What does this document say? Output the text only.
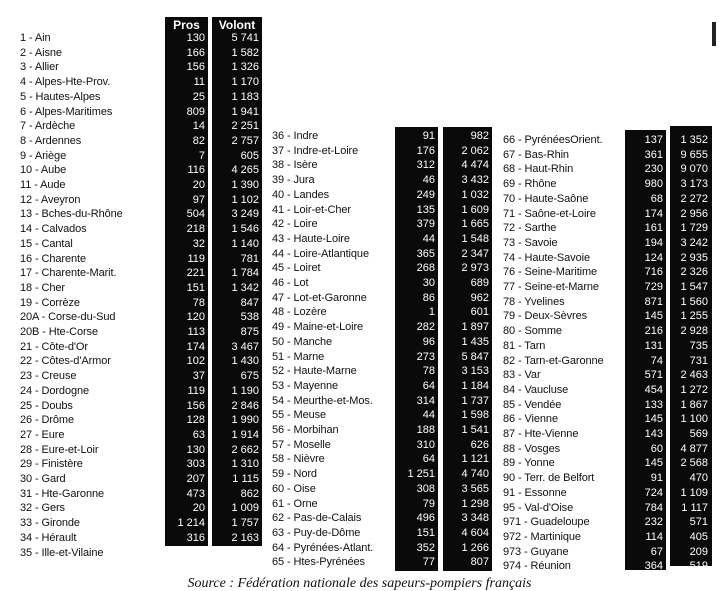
Pros	Volont
1 - Ain	130	5 741
2 - Aisne	166	1 582
3 - Allier	156	1 326
4 - Alpes-Hte-Prov.	11	1 170
5 - Hautes-Alpes	25	1 183
6 - Alpes-Maritimes	809	1 941
7 - Ardèche	14	2 251
8 - Ardennes	82	2 757
9 - Ariège	7	605
10 - Aube	116	4 265
11 - Aude	20	1 390
12 - Aveyron	97	1 102
13 - Bches-du-Rhône	504	3 249
14 - Calvados	218	1 546
15 - Cantal	32	1 140
16 - Charente	119	781
17 - Charente-Marit.	221	1 784
18 - Cher	151	1 342
19 - Corrèze	78	847
20A - Corse-du-Sud	120	538
20B - Hte-Corse	113	875
21 - Côte-d'Or	174	3 467
22 - Côtes-d'Armor	102	1 430
23 - Creuse	37	675
24 - Dordogne	119	1 190
25 - Doubs	156	2 846
26 - Drôme	128	1 990
27 - Eure	63	1 914
28 - Eure-et-Loir	130	2 662
29 - Finistère	303	1 310
30 - Gard	207	1 115
31 - Hte-Garonne	473	862
32 - Gers	20	1 009
33 - Gironde	1 214	1 757
34 - Hérault	316	2 163
35 - Ille-et-Vilaine	346	2 013
36 - Indre	91	982
37 - Indre-et-Loire	176	2 062
38 - Isère	312	4 474
39 - Jura	46	3 432
40 - Landes	249	1 032
41 - Loir-et-Cher	135	1 609
42 - Loire	379	1 665
43 - Haute-Loire	44	1 548
44 - Loire-Atlantique	365	2 347
45 - Loiret	268	2 973
46 - Lot	30	689
47 - Lot-et-Garonne	86	962
48 - Lozère	1	601
49 - Maine-et-Loire	282	1 897
50 - Manche	96	1 435
51 - Marne	273	5 847
52 - Haute-Marne	78	3 153
53 - Mayenne	64	1 184
54 - Meurthe-et-Mos.	314	1 737
55 - Meuse	44	1 598
56 - Morbihan	188	1 541
57 - Moselle	310	626
58 - Nièvre	64	1 121
59 - Nord	1 251	4 740
60 - Oise	308	3 565
61 - Orne	79	1 298
62 - Pas-de-Calais	496	3 348
63 - Puy-de-Dôme	151	4 604
64 - Pyrénées-Atlant.	352	1 266
65 - Htes-Pyrénées	77	807
66 - PyrénéesOrient.	137	1 352
67 - Bas-Rhin	361	9 655
68 - Haut-Rhin	230	9 070
69 - Rhône	980	3 173
70 - Haute-Saône	68	2 272
71 - Saône-et-Loire	174	2 956
72 - Sarthe	161	1 729
73 - Savoie	194	3 242
74 - Haute-Savoie	124	2 935
76 - Seine-Maritime	716	2 326
77 - Seine-et-Marne	729	1 547
78 - Yvelines	871	1 560
79 - Deux-Sèvres	145	1 255
80 - Somme	216	2 928
81 - Tarn	131	735
82 - Tarn-et-Garonne	74	731
83 - Var	571	2 463
84 - Vaucluse	454	1 272
85 - Vendée	133	1 867
86 - Vienne	145	1 100
87 - Hte-Vienne	143	569
88 - Vosges	60	4 877
89 - Yonne	145	2 568
90 - Terr. de Belfort	91	470
91 - Essonne	724	1 109
95 - Val-d'Oise	784	1 117
971 - Guadeloupe	232	571
972 - Martinique	114	405
973 - Guyane	67	209
974 - Réunion	364	519
Source : Fédération nationale des sapeurs-pompiers français
